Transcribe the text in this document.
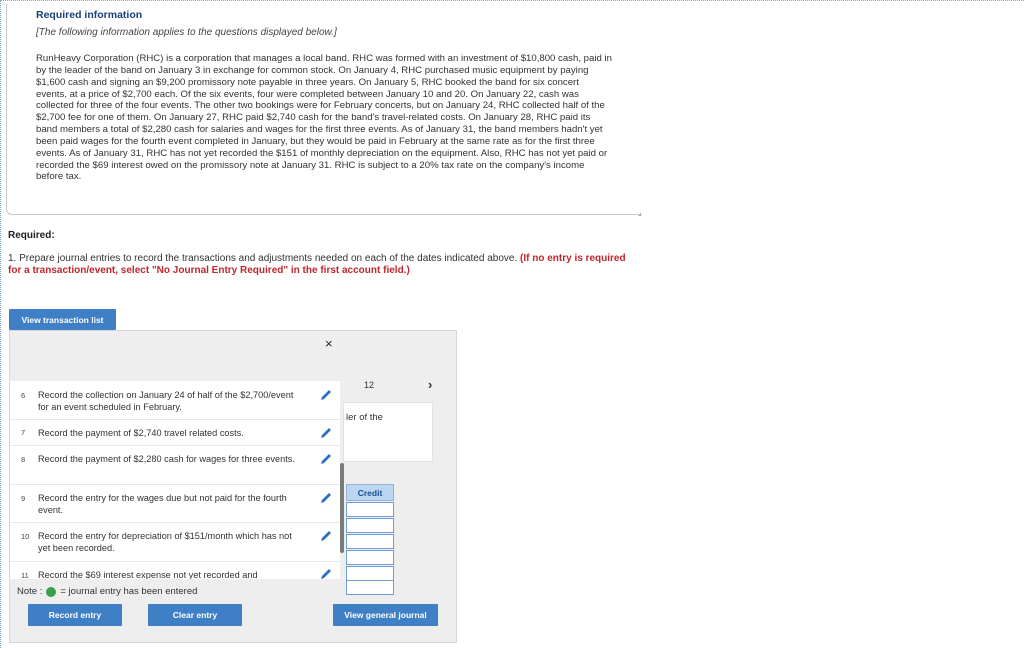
Required information
[The following information applies to the questions displayed below.]
RunHeavy Corporation (RHC) is a corporation that manages a local band. RHC was formed with an investment of $10,800 cash, paid in by the leader of the band on January 3 in exchange for common stock. On January 4, RHC purchased music equipment by paying $1,600 cash and signing an $9,200 promissory note payable in three years. On January 5, RHC booked the band for six concert events, at a price of $2,700 each. Of the six events, four were completed between January 10 and 20. On January 22, cash was collected for three of the four events. The other two bookings were for February concerts, but on January 24, RHC collected half of the $2,700 fee for one of them. On January 27, RHC paid $2,740 cash for the band's travel-related costs. On January 28, RHC paid its band members a total of $2,280 cash for salaries and wages for the first three events. As of January 31, the band members hadn't yet been paid wages for the fourth event completed in January, but they would be paid in February at the same rate as for the first three events. As of January 31, RHC has not yet recorded the $151 of monthly depreciation on the equipment. Also, RHC has not yet paid or recorded the $69 interest owed on the promissory note at January 31. RHC is subject to a 20% tax rate on the company's income before tax.
⌟
Required:
1. Prepare journal entries to record the transactions and adjustments needed on each of the dates indicated above. (If no entry is required for a transaction/event, select "No Journal Entry Required" in the first account field.)
View transaction list
×
12	›
ler of the
Credit
6 Record the collection on January 24 of half of the $2,700/event for an event scheduled in February.
7 Record the payment of $2,740 travel related costs.
8 Record the payment of $2,280 cash for wages for three events.
9 Record the entry for the wages due but not paid for the fourth event.
10 Record the entry for depreciation of $151/month which has not yet been recorded.
11 Record the $69 interest expense not yet recorded and
Note : = journal entry has been entered
Record entry	Clear entry	View general journal
